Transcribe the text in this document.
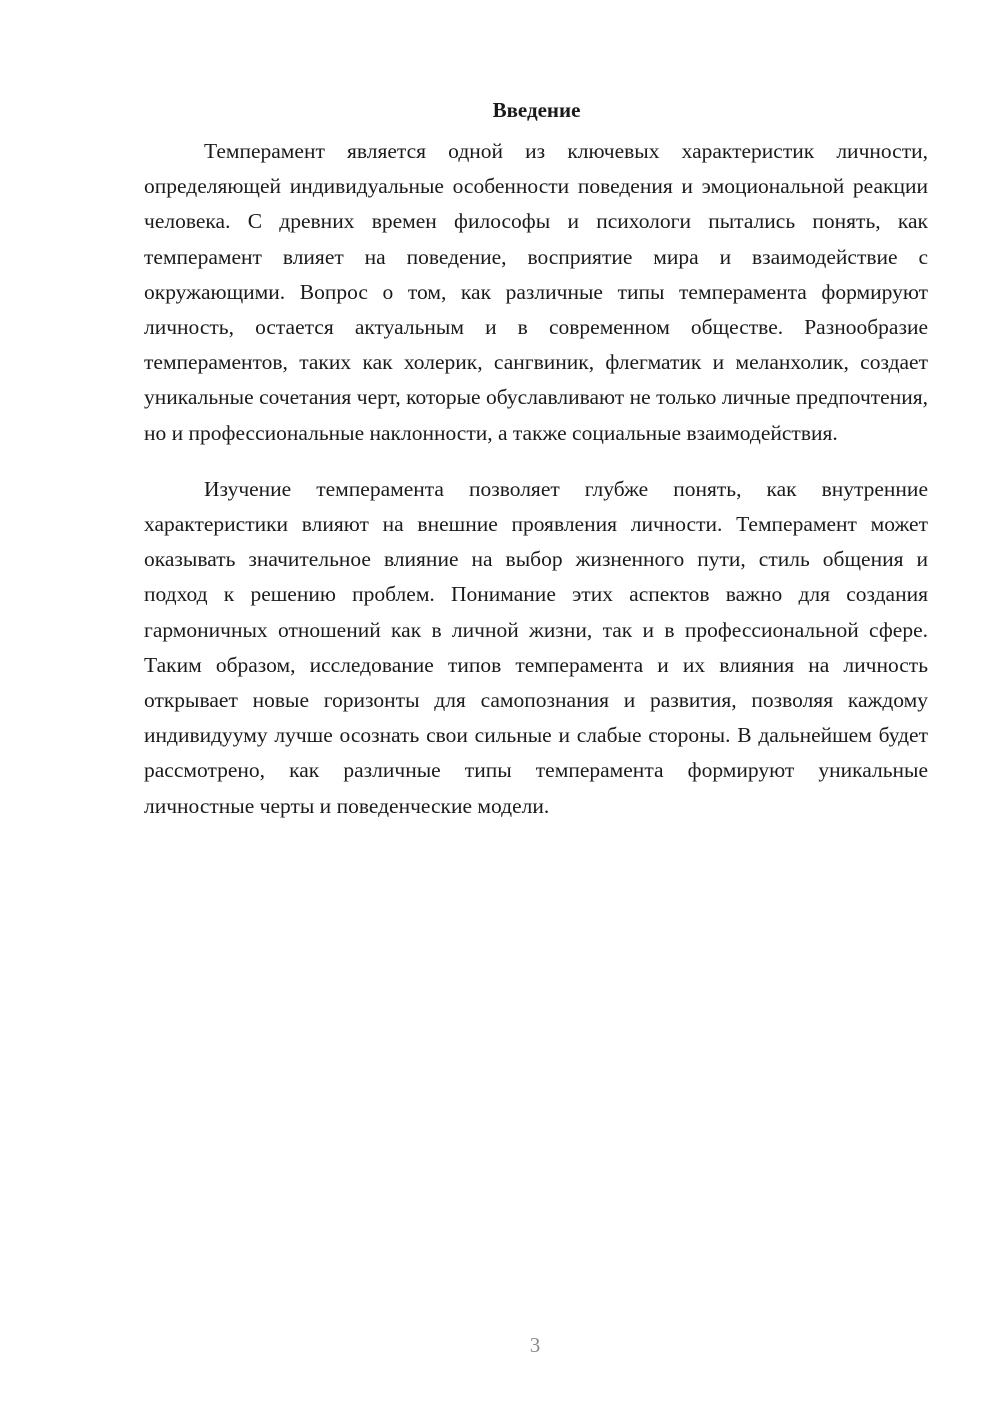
Введение

Темперамент является одной из ключевых характеристик личности, определяющей индивидуальные особенности поведения и эмоциональной реакции человека. С древних времен философы и психологи пытались понять, как темперамент влияет на поведение, восприятие мира и взаимодействие с окружающими. Вопрос о том, как различные типы темперамента формируют личность, остается актуальным и в современном обществе. Разнообразие темпераментов, таких как холерик, сангвиник, флегматик и меланхолик, создает уникальные сочетания черт, которые обуславливают не только личные предпочтения, но и профессиональные наклонности, а также социальные взаимодействия.

Изучение темперамента позволяет глубже понять, как внутренние характеристики влияют на внешние проявления личности. Темперамент может оказывать значительное влияние на выбор жизненного пути, стиль общения и подход к решению проблем. Понимание этих аспектов важно для создания гармоничных отношений как в личной жизни, так и в профессиональной сфере. Таким образом, исследование типов темперамента и их влияния на личность открывает новые горизонты для самопознания и развития, позволяя каждому индивидууму лучше осознать свои сильные и слабые стороны. В дальнейшем будет рассмотрено, как различные типы темперамента формируют уникальные личностные черты и поведенческие модели.

3
